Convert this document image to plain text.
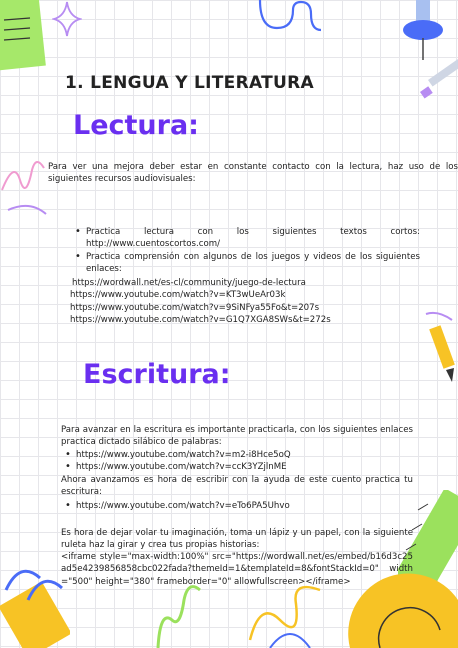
1. LENGUA Y LITERATURA
Lectura:
Para ver una mejora deber estar en constante contacto con la lectura, haz uso de los siguientes recursos audiovisuales:
• Practica lectura con los siguientes textos cortos: http://www.cuentoscortos.com/
• Practica comprensión con algunos de los juegos y videos de los siguientes enlaces:
https://wordwall.net/es-cl/community/juego-de-lectura
https://www.youtube.com/watch?v=KT3wUeAr03k
https://www.youtube.com/watch?v=9SiNFya55Fo&t=207s
https://www.youtube.com/watch?v=G1Q7XGA8SWs&t=272s
Escritura:
Para avanzar en la escritura es importante practicarla, con los siguientes enlaces practica dictado silábico de palabras:
• https://www.youtube.com/watch?v=m2-i8Hce5oQ
• https://www.youtube.com/watch?v=ccK3YZjlnME
Ahora avanzamos es hora de escribir con la ayuda de este cuento practica tu escritura:
• https://www.youtube.com/watch?v=eTo6PA5Uhvo
Es hora de dejar volar tu imaginación, toma un lápiz y un papel, con la siguiente ruleta haz la girar y crea tus propias historias:
<iframe style="max-width:100%" src="https://wordwall.net/es/embed/b16d3c25ad5e4239856858cbc022fada?themeId=1&templateId=8&fontStackId=0" width="500" height="380" frameborder="0" allowfullscreen></iframe>
